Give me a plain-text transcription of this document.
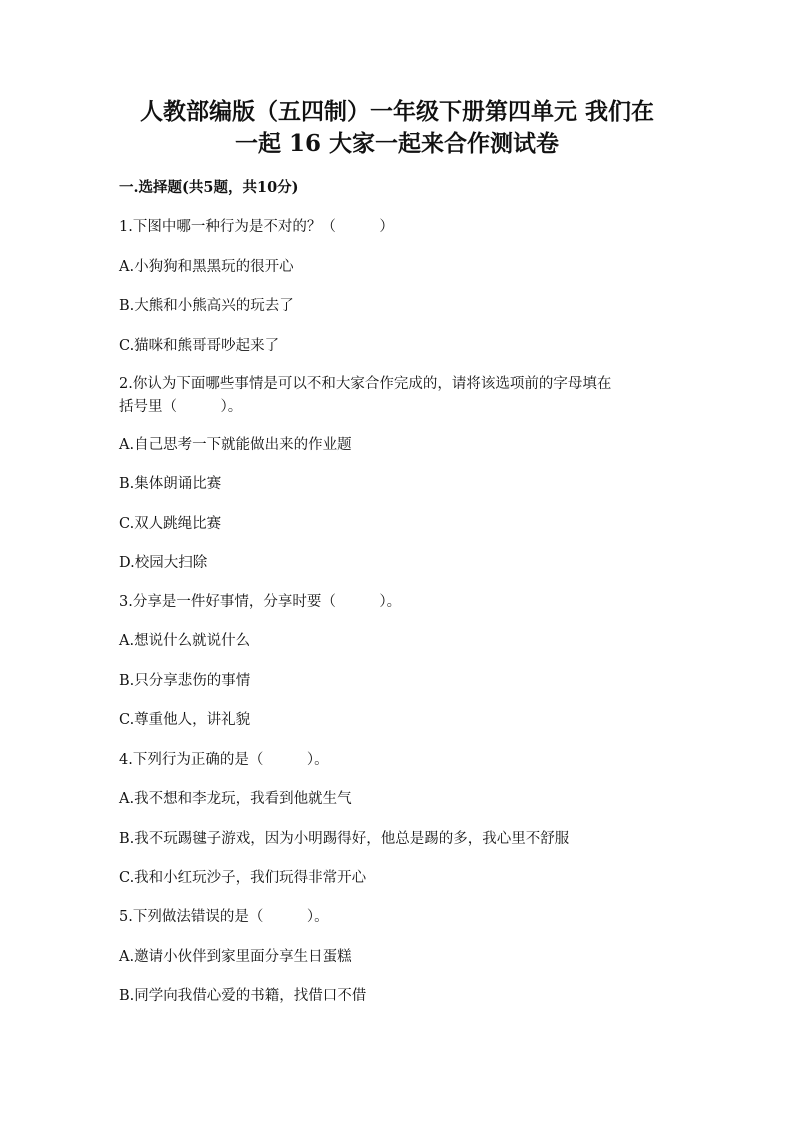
人教部编版（五四制）一年级下册第四单元 我们在
一起 16 大家一起来合作测试卷
一.选择题(共5题，共10分)
1.下图中哪一种行为是不对的？（　　　）
A.小狗狗和黑黑玩的很开心
B.大熊和小熊高兴的玩去了
C.猫咪和熊哥哥吵起来了
2.你认为下面哪些事情是可以不和大家合作完成的，请将该选项前的字母填在
括号里（　　　）。
A.自己思考一下就能做出来的作业题
B.集体朗诵比赛
C.双人跳绳比赛
D.校园大扫除
3.分享是一件好事情，分享时要（　　　）。
A.想说什么就说什么
B.只分享悲伤的事情
C.尊重他人，讲礼貌
4.下列行为正确的是（　　　）。
A.我不想和李龙玩，我看到他就生气
B.我不玩踢毽子游戏，因为小明踢得好，他总是踢的多，我心里不舒服
C.我和小红玩沙子，我们玩得非常开心
5.下列做法错误的是（　　　）。
A.邀请小伙伴到家里面分享生日蛋糕
B.同学向我借心爱的书籍，找借口不借
